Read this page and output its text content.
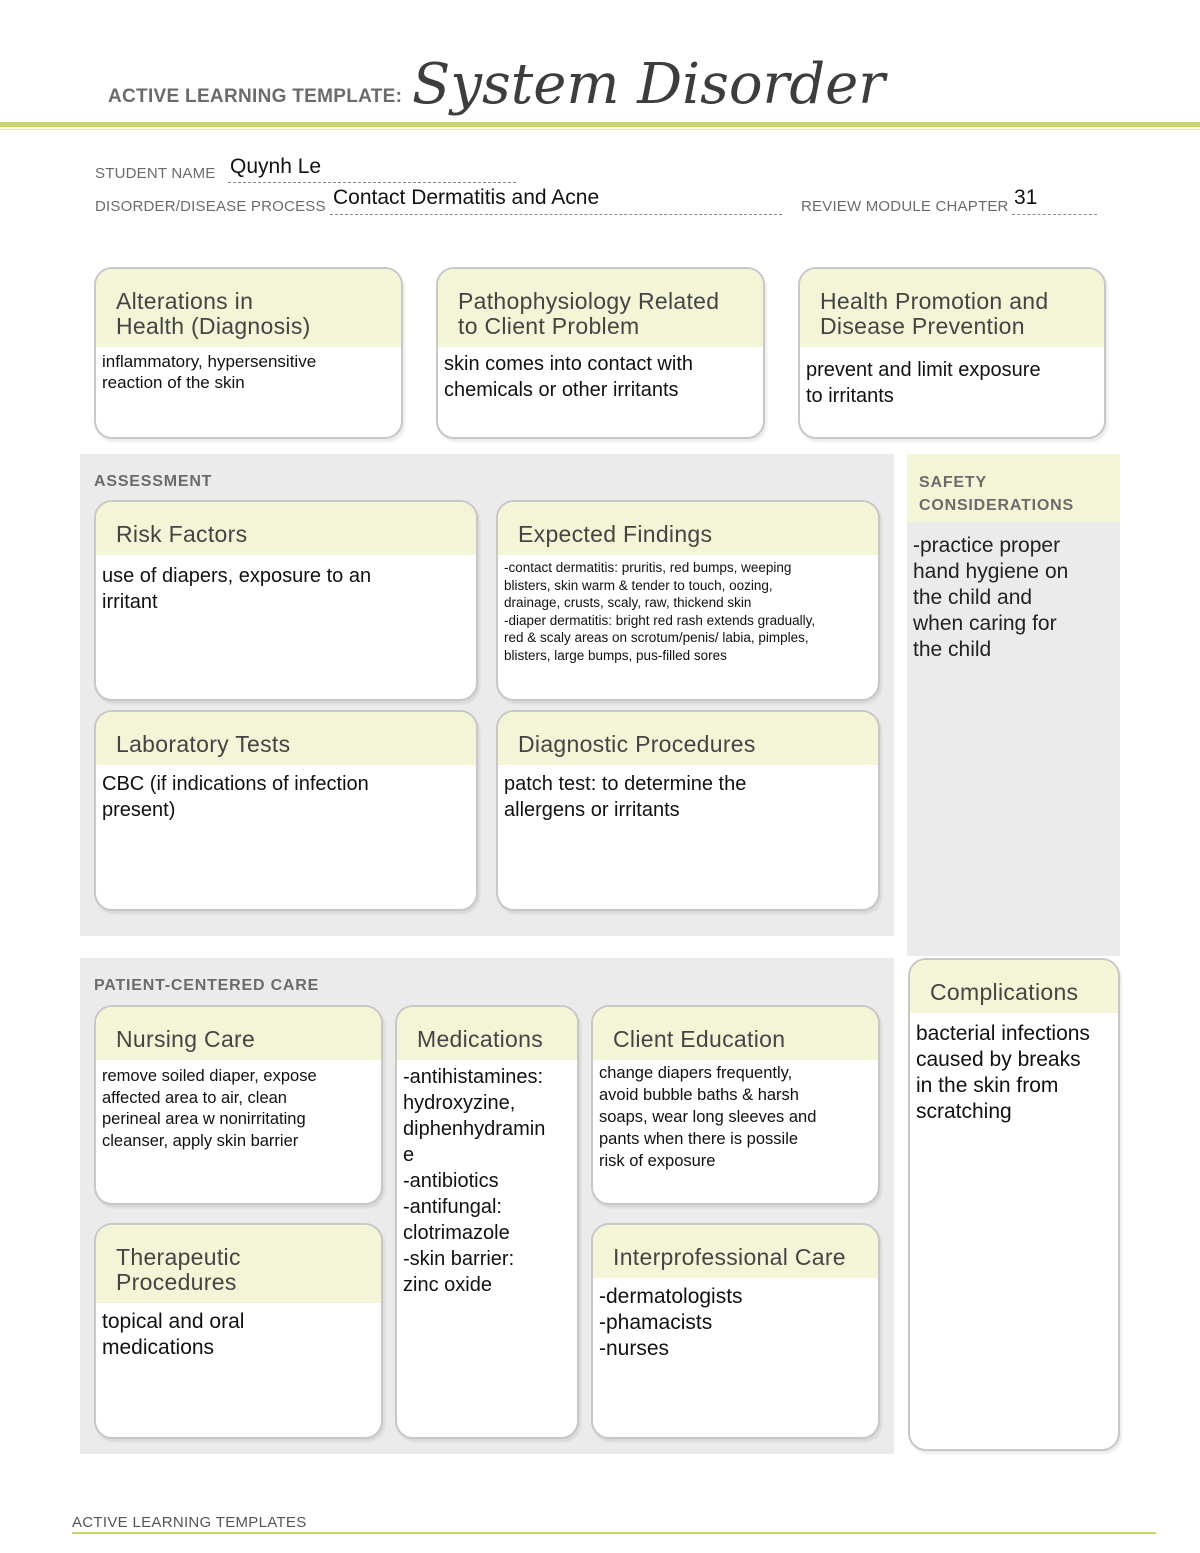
ACTIVE LEARNING TEMPLATE: System Disorder
STUDENT NAME Quynh Le
DISORDER/DISEASE PROCESS Contact Dermatitis and Acne	REVIEW MODULE CHAPTER 31
Alterations in
Health (Diagnosis)
inflammatory, hypersensitive
reaction of the skin
Pathophysiology Related
to Client Problem
skin comes into contact with
chemicals or other irritants
Health Promotion and
Disease Prevention
prevent and limit exposure
to irritants
ASSESSMENT
Risk Factors
use of diapers, exposure to an
irritant
Expected Findings
-contact dermatitis: pruritis, red bumps, weeping
blisters, skin warm & tender to touch, oozing,
drainage, crusts, scaly, raw, thickend skin
-diaper dermatitis: bright red rash extends gradually,
red & scaly areas on scrotum/penis/ labia, pimples,
blisters, large bumps, pus-filled sores
Laboratory Tests
CBC (if indications of infection
present)
Diagnostic Procedures
patch test: to determine the
allergens or irritants
SAFETY
CONSIDERATIONS
-practice proper
hand hygiene on
the child and
when caring for
the child
PATIENT-CENTERED CARE
Nursing Care
remove soiled diaper, expose
affected area to air, clean
perineal area w nonirritating
cleanser, apply skin barrier
Medications
-antihistamines:
hydroxyzine,
diphenhydramin
e
-antibiotics
-antifungal:
clotrimazole
-skin barrier:
zinc oxide
Client Education
change diapers frequently,
avoid bubble baths & harsh
soaps, wear long sleeves and
pants when there is possile
risk of exposure
Therapeutic Procedures
topical and oral
medications
Interprofessional Care
-dermatologists
-phamacists
-nurses
Complications
bacterial infections
caused by breaks
in the skin from
scratching
ACTIVE LEARNING TEMPLATES
